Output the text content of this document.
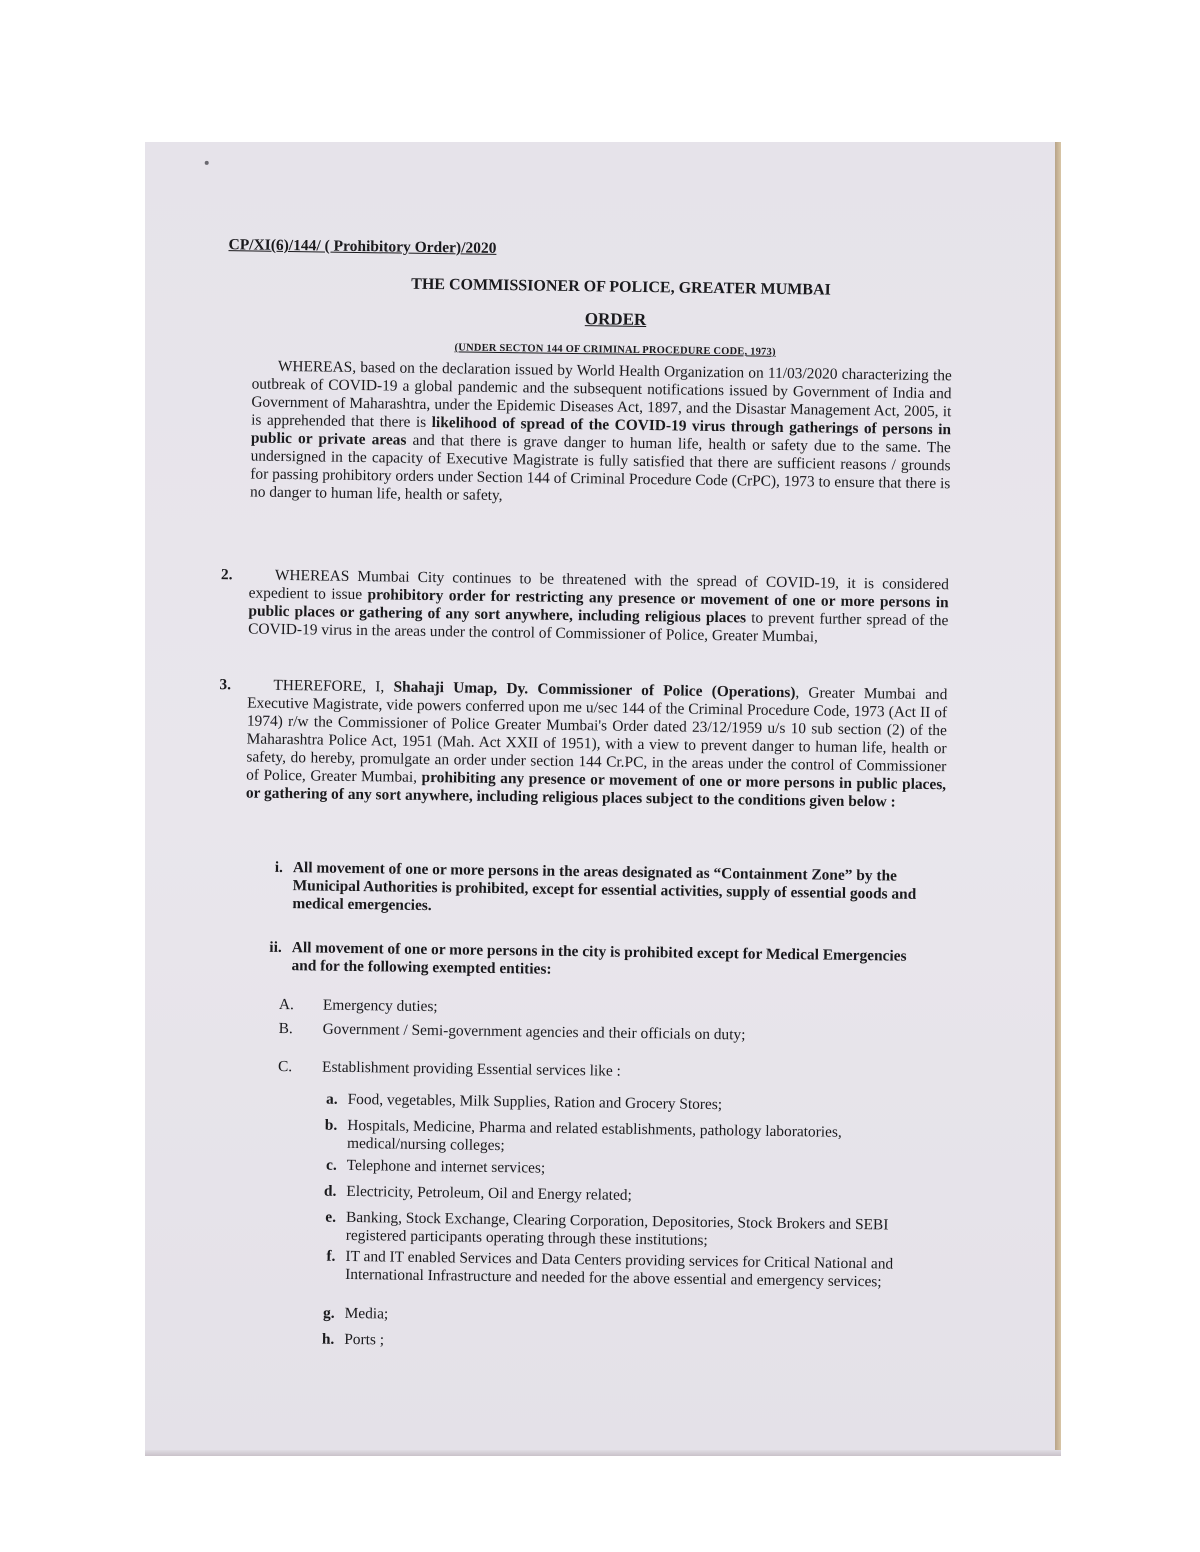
CP/XI(6)/144/ ( Prohibitory Order)/2020
THE COMMISSIONER OF POLICE, GREATER MUMBAI
ORDER
(UNDER SECTON 144 OF CRIMINAL PROCEDURE CODE, 1973)
WHEREAS, based on the declaration issued by World Health Organization on 11/03/2020 characterizing the outbreak of COVID-19 a global pandemic and the subsequent notifications issued by Government of India and Government of Maharashtra, under the Epidemic Diseases Act, 1897, and the Disastar Management Act, 2005, it is apprehended that there is likelihood of spread of the COVID-19 virus through gatherings of persons in public or private areas and that there is grave danger to human life, health or safety due to the same. The undersigned in the capacity of Executive Magistrate is fully satisfied that there are sufficient reasons / grounds for passing prohibitory orders under Section 144 of Criminal Procedure Code (CrPC), 1973 to ensure that there is no danger to human life, health or safety,
2.	WHEREAS Mumbai City continues to be threatened with the spread of COVID-19, it is considered expedient to issue prohibitory order for restricting any presence or movement of one or more persons in public places or gathering of any sort anywhere, including religious places to prevent further spread of the COVID-19 virus in the areas under the control of Commissioner of Police, Greater Mumbai,
3.	THEREFORE, I, Shahaji Umap, Dy. Commissioner of Police (Operations), Greater Mumbai and Executive Magistrate, vide powers conferred upon me u/sec 144 of the Criminal Procedure Code, 1973 (Act II of 1974) r/w the Commissioner of Police Greater Mumbai's Order dated 23/12/1959 u/s 10 sub section (2) of the Maharashtra Police Act, 1951 (Mah. Act XXII of 1951), with a view to prevent danger to human life, health or safety, do hereby, promulgate an order under section 144 Cr.PC, in the areas under the control of Commissioner of Police, Greater Mumbai, prohibiting any presence or movement of one or more persons in public places, or gathering of any sort anywhere, including religious places subject to the conditions given below :
i. All movement of one or more persons in the areas designated as “Containment Zone” by the Municipal Authorities is prohibited, except for essential activities, supply of essential goods and medical emergencies.
ii. All movement of one or more persons in the city is prohibited except for Medical Emergencies and for the following exempted entities:
A. Emergency duties;
B. Government / Semi-government agencies and their officials on duty;
C. Establishment providing Essential services like :
a. Food, vegetables, Milk Supplies, Ration and Grocery Stores;
b. Hospitals, Medicine, Pharma and related establishments, pathology laboratories, medical/nursing colleges;
c. Telephone and internet services;
d. Electricity, Petroleum, Oil and Energy related;
e. Banking, Stock Exchange, Clearing Corporation, Depositories, Stock Brokers and SEBI registered participants operating through these institutions;
f. IT and IT enabled Services and Data Centers providing services for Critical National and International Infrastructure and needed for the above essential and emergency services;
g. Media;
h. Ports ;
